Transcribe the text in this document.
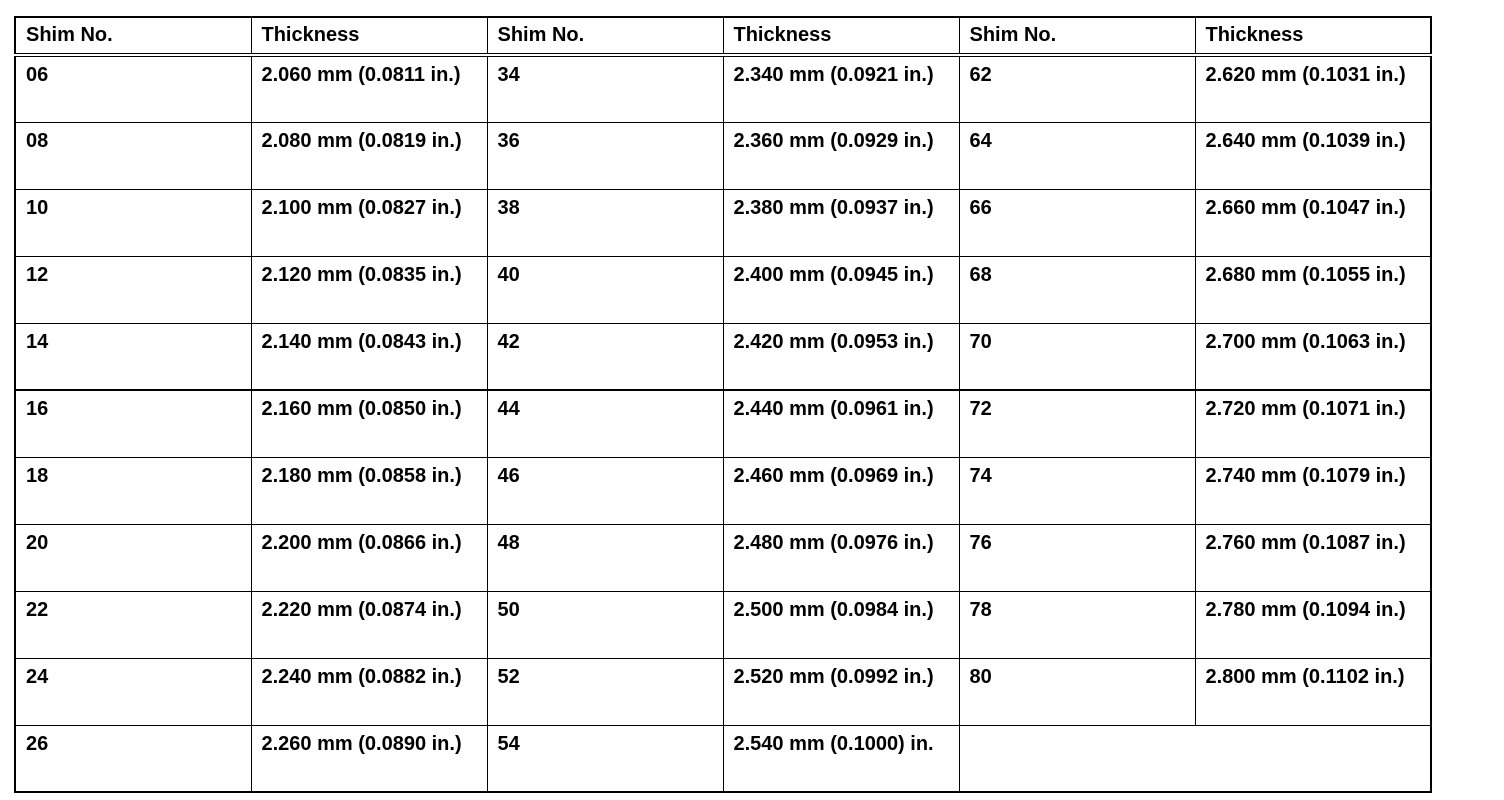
Shim No.	Thickness	Shim No.	Thickness	Shim No.	Thickness
06	2.060 mm (0.0811 in.)	34	2.340 mm (0.0921 in.)	62	2.620 mm (0.1031 in.)
08	2.080 mm (0.0819 in.)	36	2.360 mm (0.0929 in.)	64	2.640 mm (0.1039 in.)
10	2.100 mm (0.0827 in.)	38	2.380 mm (0.0937 in.)	66	2.660 mm (0.1047 in.)
12	2.120 mm (0.0835 in.)	40	2.400 mm (0.0945 in.)	68	2.680 mm (0.1055 in.)
14	2.140 mm (0.0843 in.)	42	2.420 mm (0.0953 in.)	70	2.700 mm (0.1063 in.)
16	2.160 mm (0.0850 in.)	44	2.440 mm (0.0961 in.)	72	2.720 mm (0.1071 in.)
18	2.180 mm (0.0858 in.)	46	2.460 mm (0.0969 in.)	74	2.740 mm (0.1079 in.)
20	2.200 mm (0.0866 in.)	48	2.480 mm (0.0976 in.)	76	2.760 mm (0.1087 in.)
22	2.220 mm (0.0874 in.)	50	2.500 mm (0.0984 in.)	78	2.780 mm (0.1094 in.)
24	2.240 mm (0.0882 in.)	52	2.520 mm (0.0992 in.)	80	2.800 mm (0.1102 in.)
26	2.260 mm (0.0890 in.)	54	2.540 mm (0.1000) in.		
